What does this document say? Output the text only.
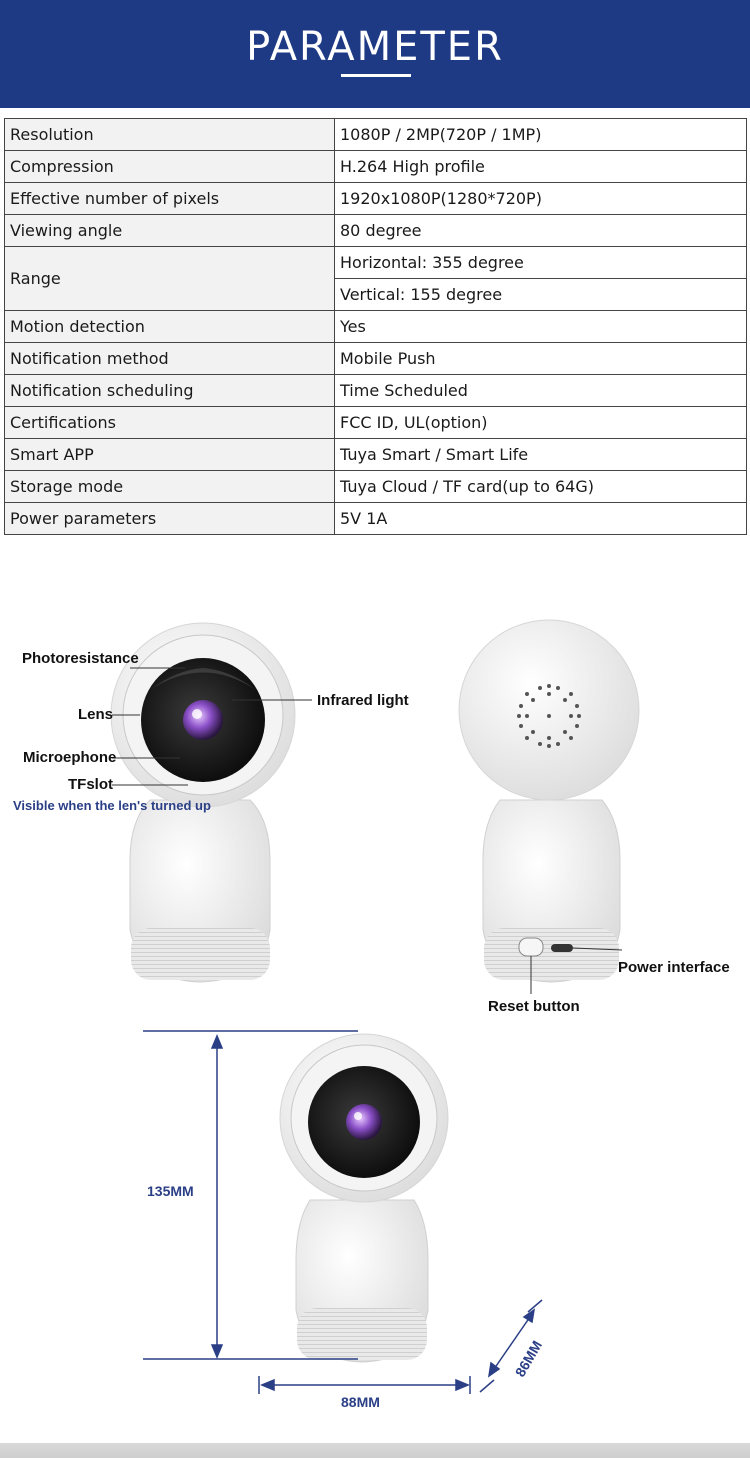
PARAMETER
Resolution	1080P / 2MP(720P / 1MP)
Compression	H.264 High profile
Effective number of pixels	1920x1080P(1280*720P)
Viewing angle	80 degree
Range	Horizontal: 355 degree
	Vertical: 155 degree
Motion detection	Yes
Notification method	Mobile Push
Notification scheduling	Time Scheduled
Certifications	FCC ID, UL(option)
Smart APP	Tuya Smart / Smart Life
Storage mode	Tuya Cloud / TF card(up to 64G)
Power parameters	5V 1A
Photoresistance
Lens
Microephone
TFslot
Visible when the len's turned up
Infrared light
Power interface
Reset button
135MM
88MM
86MM
